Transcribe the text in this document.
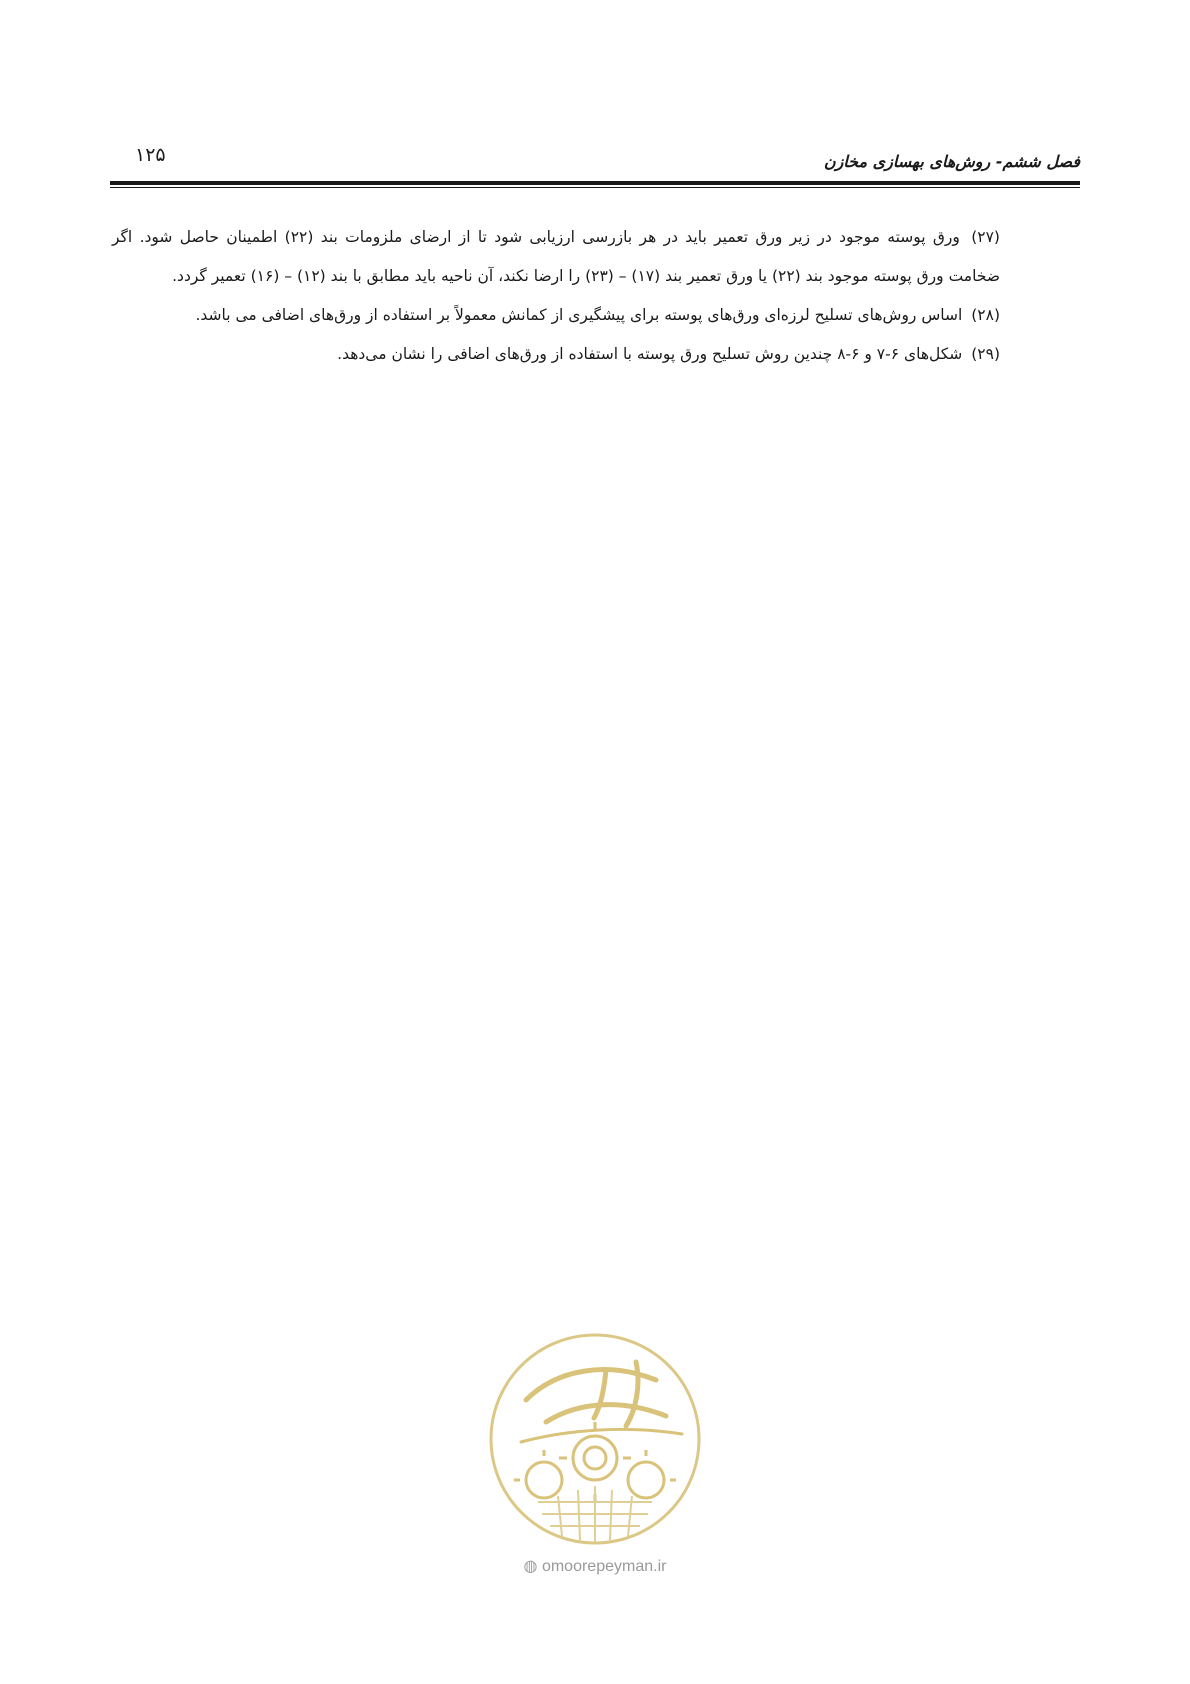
۱۲۵	فصل ششم- روش‌های بهسازی مخازن

(۲۷) ورق پوسته موجود در زیر ورق تعمیر باید در هر بازرسی ارزیابی شود تا از ارضای ملزومات بند (۲۲) اطمینان حاصل شود. اگر ضخامت ورق پوسته موجود بند (۲۲) یا ورق تعمیر بند (۱۷) – (۲۳) را ارضا نکند، آن ناحیه باید مطابق با بند (۱۲) – (۱۶) تعمیر گردد.

(۲۸) اساس روش‌های تسلیح لرزه‌ای ورق‌های پوسته برای پیشگیری از کمانش معمولاً بر استفاده از ورق‌های اضافی می باشد.

(۲۹) شکل‌های ۶-۷ و ۶-۸ چندین روش تسلیح ورق پوسته با استفاده از ورق‌های اضافی را نشان می‌دهد.

◍ omoorepeyman.ir
